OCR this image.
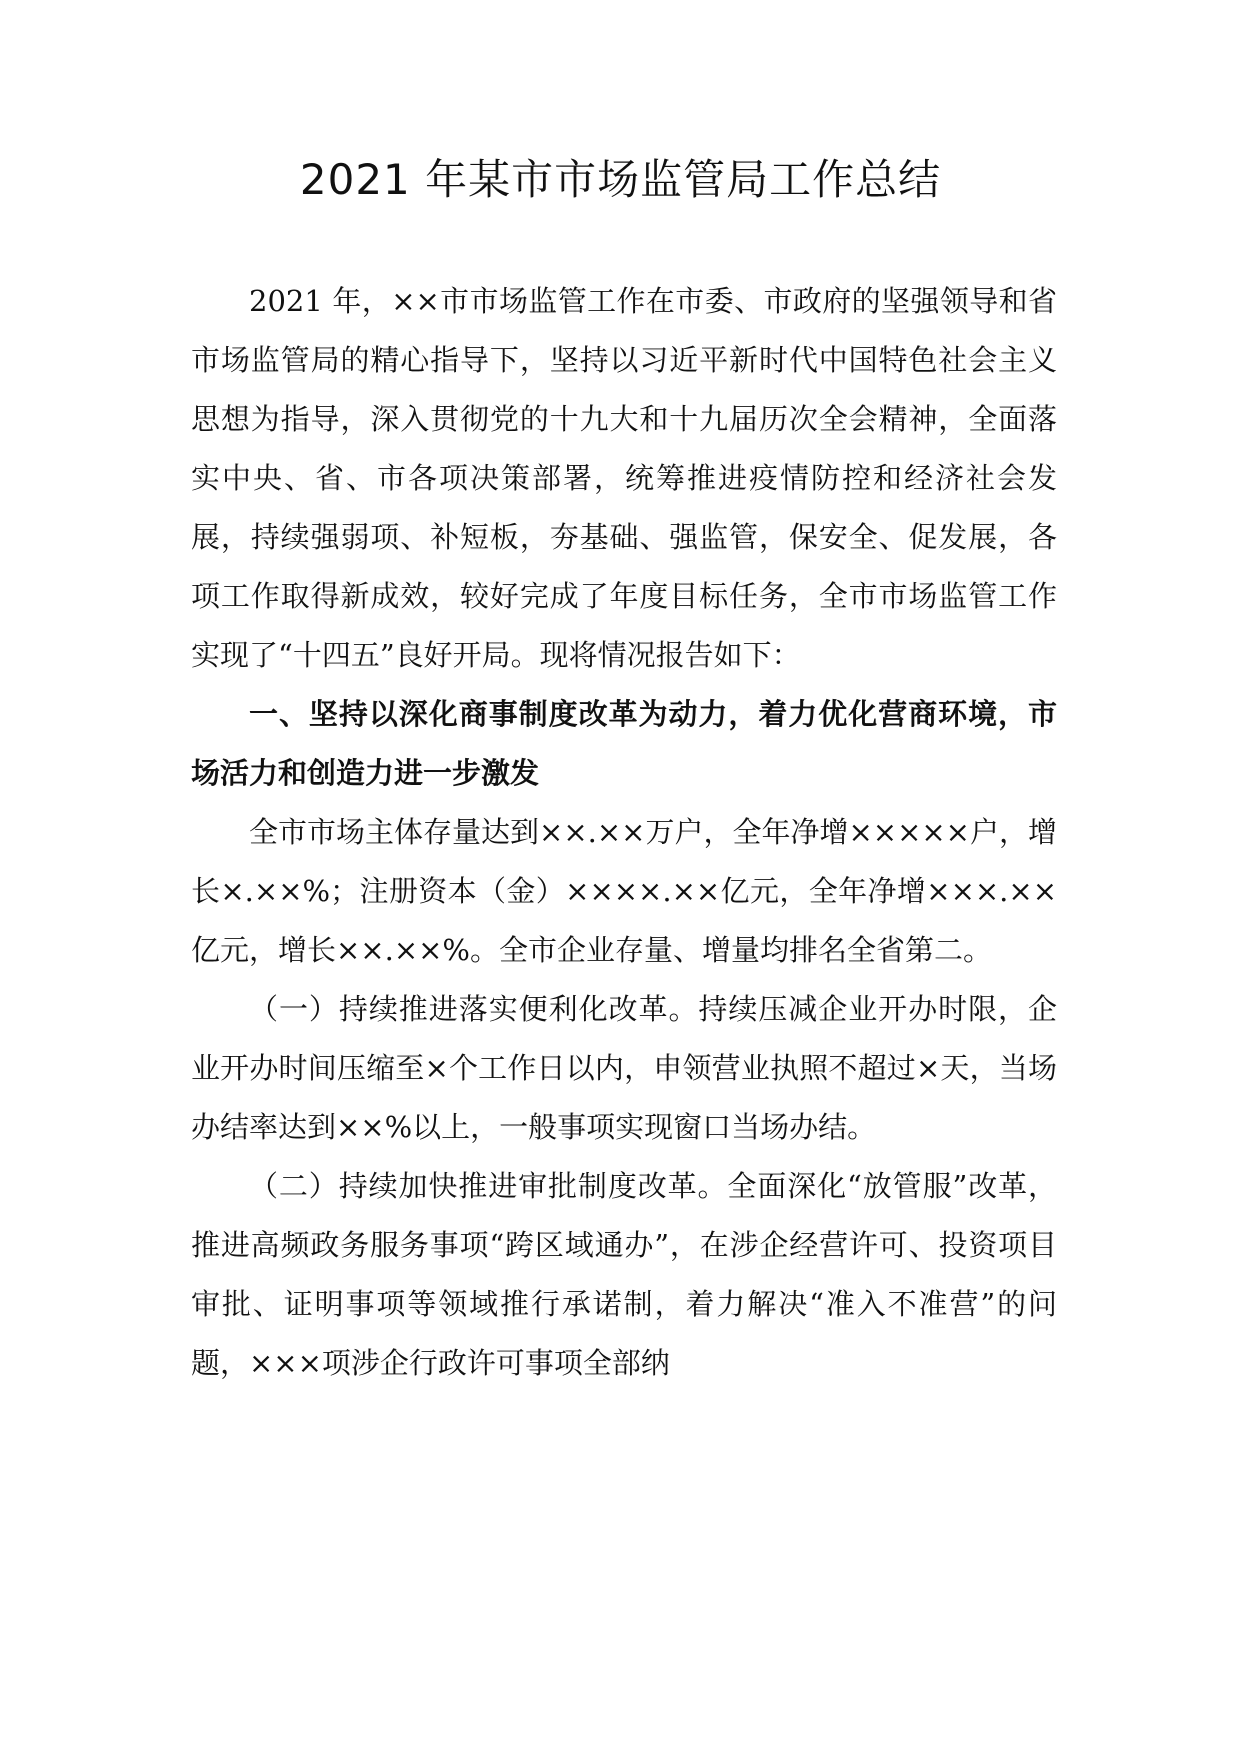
2021 年某市市场监管局工作总结

2021 年，××市市场监管工作在市委、市政府的坚强领导和省市场监管局的精心指导下，坚持以习近平新时代中国特色社会主义思想为指导，深入贯彻党的十九大和十九届历次全会精神，全面落实中央、省、市各项决策部署，统筹推进疫情防控和经济社会发展，持续强弱项、补短板，夯基础、强监管，保安全、促发展，各项工作取得新成效，较好完成了年度目标任务，全市市场监管工作实现了“十四五”良好开局。现将情况报告如下：

一、坚持以深化商事制度改革为动力，着力优化营商环境，市场活力和创造力进一步激发

全市市场主体存量达到××.××万户，全年净增×××××户，增长×.××%；注册资本（金）××××.××亿元，全年净增×××.××亿元，增长××.××%。全市企业存量、增量均排名全省第二。

（一）持续推进落实便利化改革。持续压减企业开办时限，企业开办时间压缩至×个工作日以内，申领营业执照不超过×天，当场办结率达到××%以上，一般事项实现窗口当场办结。

（二）持续加快推进审批制度改革。全面深化“放管服”改革，推进高频政务服务事项“跨区域通办”，在涉企经营许可、投资项目审批、证明事项等领域推行承诺制，着力解决“准入不准营”的问题，×××项涉企行政许可事项全部纳
